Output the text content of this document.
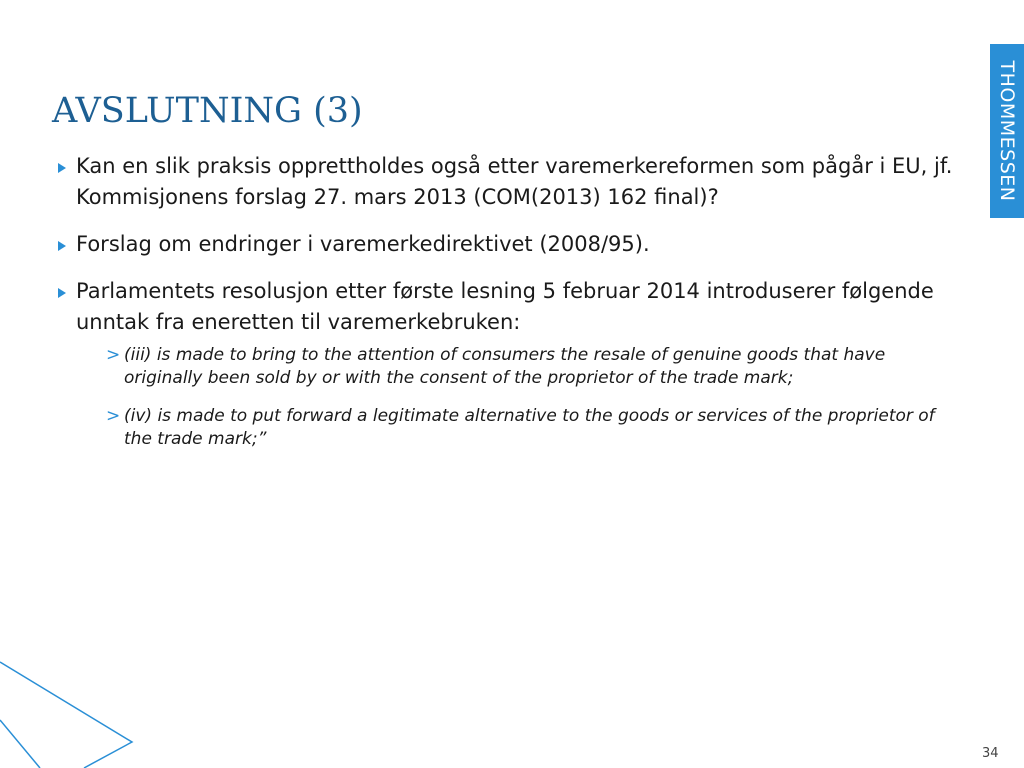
THOMMESSEN
AVSLUTNING (3)
Kan en slik praksis opprettholdes også etter varemerkereformen som pågår i EU, jf. Kommisjonens forslag 27. mars 2013 (COM(2013) 162 final)?
Forslag om endringer i varemerkedirektivet (2008/95).
Parlamentets resolusjon etter første lesning 5 februar 2014 introduserer følgende unntak fra eneretten til varemerkebruken:
> (iii) is made to bring to the attention of consumers the resale of genuine goods that have originally been sold by or with the consent of the proprietor of the trade mark;
> (iv) is made to put forward a legitimate alternative to the goods or services of the proprietor of the trade mark;”
34
